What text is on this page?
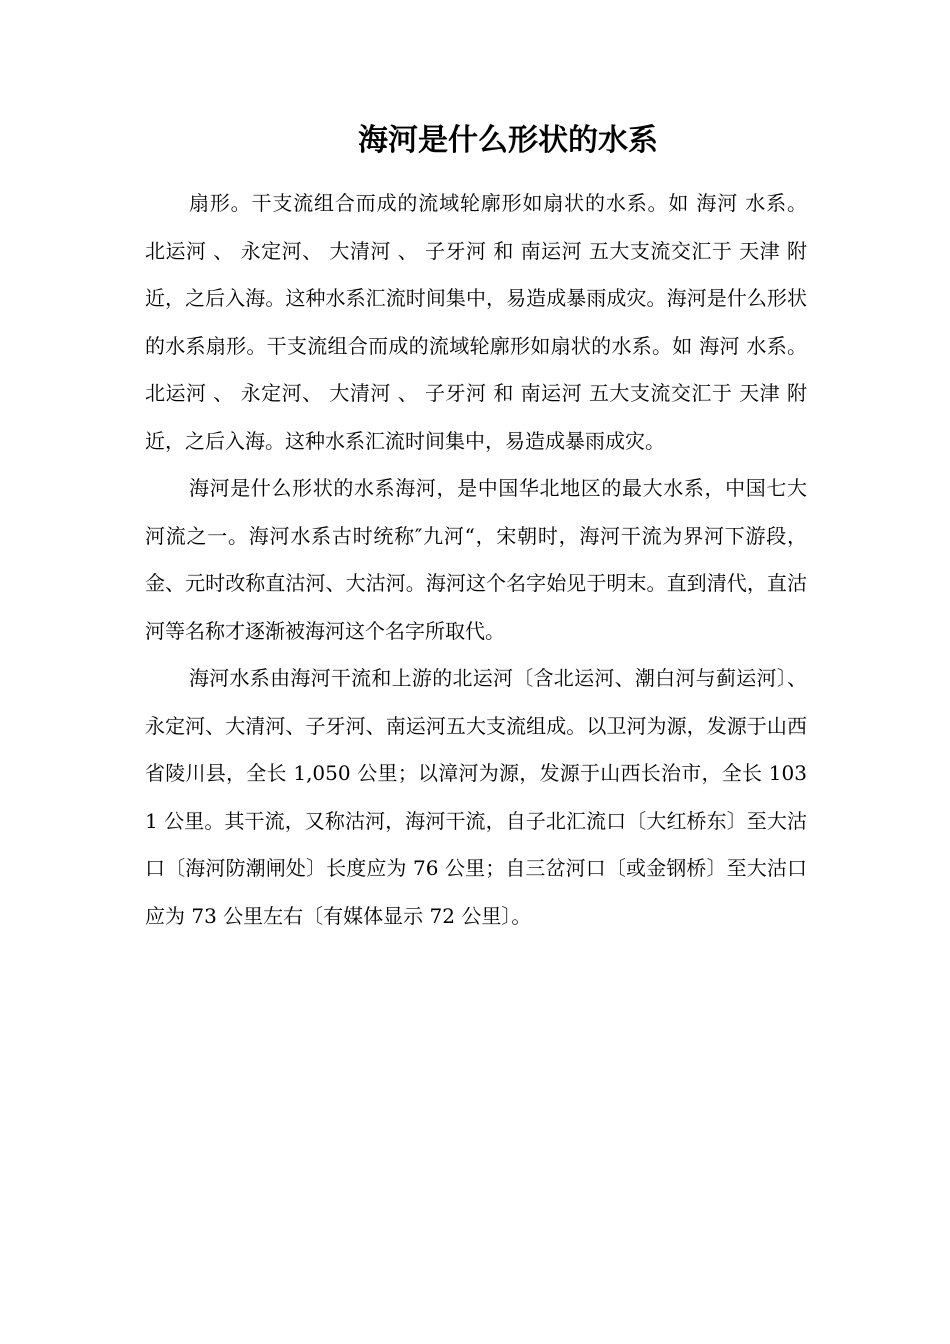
海河是什么形状的水系

扇形。干支流组合而成的流域轮廓形如扇状的水系。如 海河 水系。 北运河 、 永定河、 大清河 、 子牙河 和 南运河 五大支流交汇于 天津 附近，之后入海。这种水系汇流时间集中，易造成暴雨成灾。海河是什么形状的水系扇形。干支流组合而成的流域轮廓形如扇状的水系。如 海河 水系。 北运河 、 永定河、 大清河 、 子牙河 和 南运河 五大支流交汇于 天津 附近，之后入海。这种水系汇流时间集中，易造成暴雨成灾。

海河是什么形状的水系海河，是中国华北地区的最大水系，中国七大河流之一。海河水系古时统称″九河“，宋朝时，海河干流为界河下游段，金、元时改称直沽河、大沽河。海河这个名字始见于明末。直到清代，直沽河等名称才逐渐被海河这个名字所取代。

海河水系由海河干流和上游的北运河〔含北运河、潮白河与蓟运河〕、永定河、大清河、子牙河、南运河五大支流组成。以卫河为源，发源于山西省陵川县，全长 1,050 公里；以漳河为源，发源于山西长治市，全长 1031 公里。其干流，又称沽河，海河干流，自子北汇流口〔大红桥东〕至大沽口〔海河防潮闸处〕长度应为 76 公里；自三岔河口〔或金钢桥〕至大沽口应为 73 公里左右〔有媒体显示 72 公里〕。
